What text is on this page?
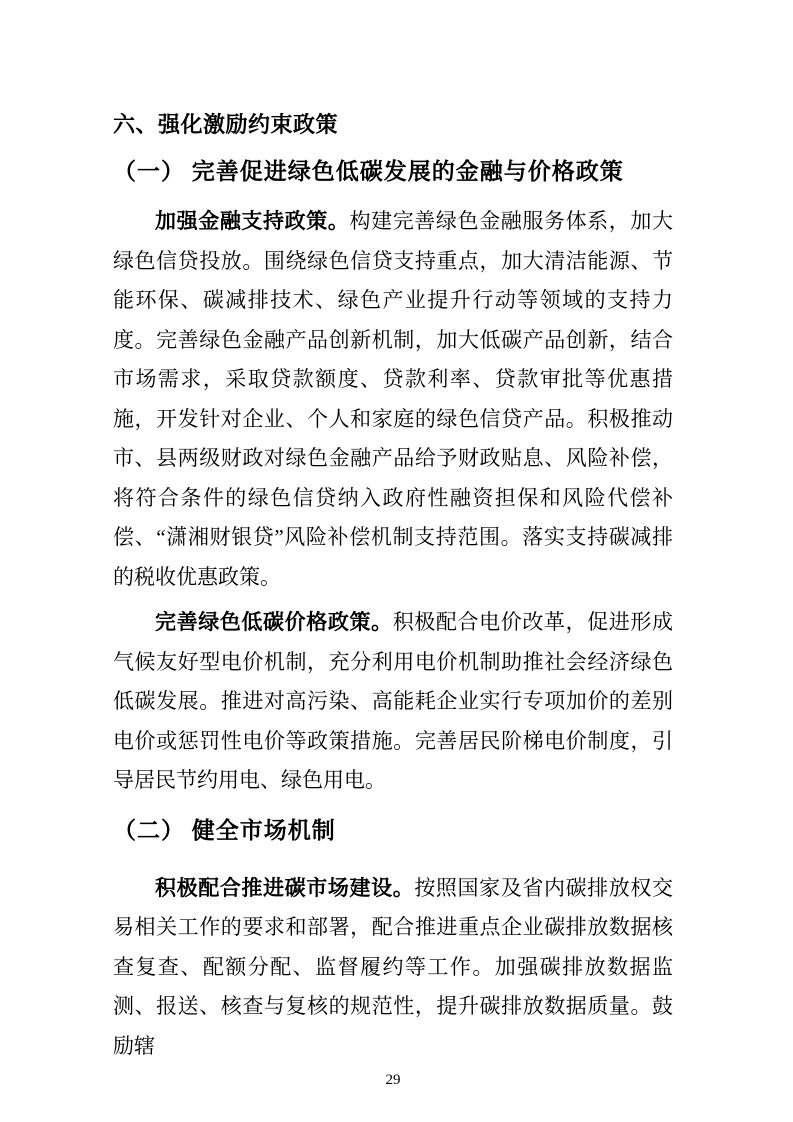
六、强化激励约束政策
（一） 完善促进绿色低碳发展的金融与价格政策

加强金融支持政策。构建完善绿色金融服务体系，加大绿色信贷投放。围绕绿色信贷支持重点，加大清洁能源、节能环保、碳减排技术、绿色产业提升行动等领域的支持力度。完善绿色金融产品创新机制，加大低碳产品创新，结合市场需求，采取贷款额度、贷款利率、贷款审批等优惠措施，开发针对企业、个人和家庭的绿色信贷产品。积极推动市、县两级财政对绿色金融产品给予财政贴息、风险补偿，将符合条件的绿色信贷纳入政府性融资担保和风险代偿补偿、“潇湘财银贷”风险补偿机制支持范围。落实支持碳减排的税收优惠政策。

完善绿色低碳价格政策。积极配合电价改革，促进形成气候友好型电价机制，充分利用电价机制助推社会经济绿色低碳发展。推进对高污染、高能耗企业实行专项加价的差别电价或惩罚性电价等政策措施。完善居民阶梯电价制度，引导居民节约用电、绿色用电。

（二） 健全市场机制

积极配合推进碳市场建设。按照国家及省内碳排放权交易相关工作的要求和部署，配合推进重点企业碳排放数据核查复查、配额分配、监督履约等工作。加强碳排放数据监测、报送、核查与复核的规范性，提升碳排放数据质量。鼓励辖

29
